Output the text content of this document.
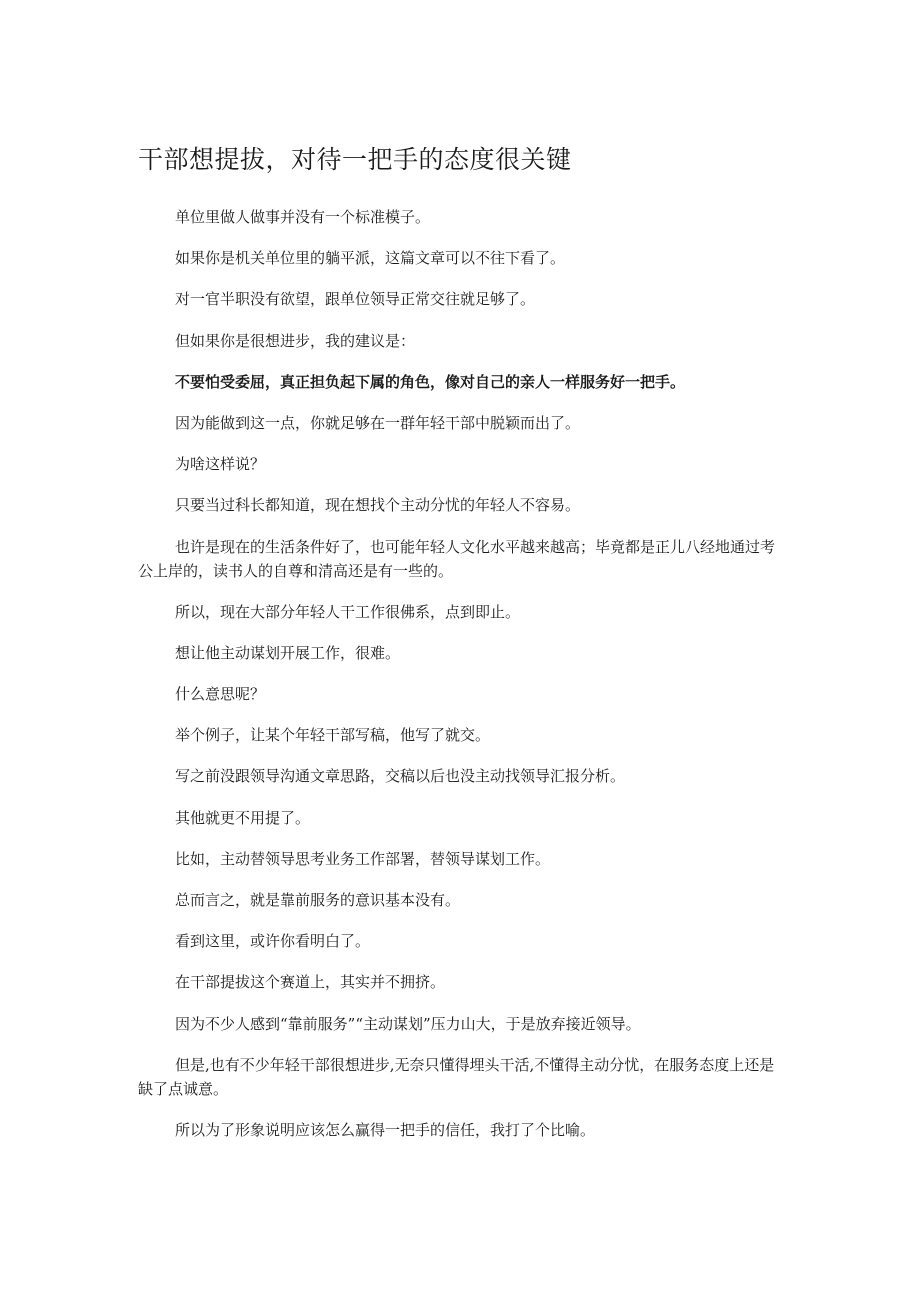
干部想提拔，对待一把手的态度很关键

单位里做人做事并没有一个标准模子。

如果你是机关单位里的躺平派，这篇文章可以不往下看了。

对一官半职没有欲望，跟单位领导正常交往就足够了。

但如果你是很想进步，我的建议是：

不要怕受委屈，真正担负起下属的角色，像对自己的亲人一样服务好一把手。

因为能做到这一点，你就足够在一群年轻干部中脱颖而出了。

为啥这样说？

只要当过科长都知道，现在想找个主动分忧的年轻人不容易。

也许是现在的生活条件好了，也可能年轻人文化水平越来越高；毕竟都是正儿八经地通过考公上岸的，读书人的自尊和清高还是有一些的。

所以，现在大部分年轻人干工作很佛系，点到即止。

想让他主动谋划开展工作，很难。

什么意思呢？

举个例子，让某个年轻干部写稿，他写了就交。

写之前没跟领导沟通文章思路，交稿以后也没主动找领导汇报分析。

其他就更不用提了。

比如，主动替领导思考业务工作部署，替领导谋划工作。

总而言之，就是靠前服务的意识基本没有。

看到这里，或许你看明白了。

在干部提拔这个赛道上，其实并不拥挤。

因为不少人感到“靠前服务”“主动谋划”压力山大，于是放弃接近领导。

但是,也有不少年轻干部很想进步,无奈只懂得埋头干活,不懂得主动分忧，在服务态度上还是缺了点诚意。

所以为了形象说明应该怎么赢得一把手的信任，我打了个比喻。
